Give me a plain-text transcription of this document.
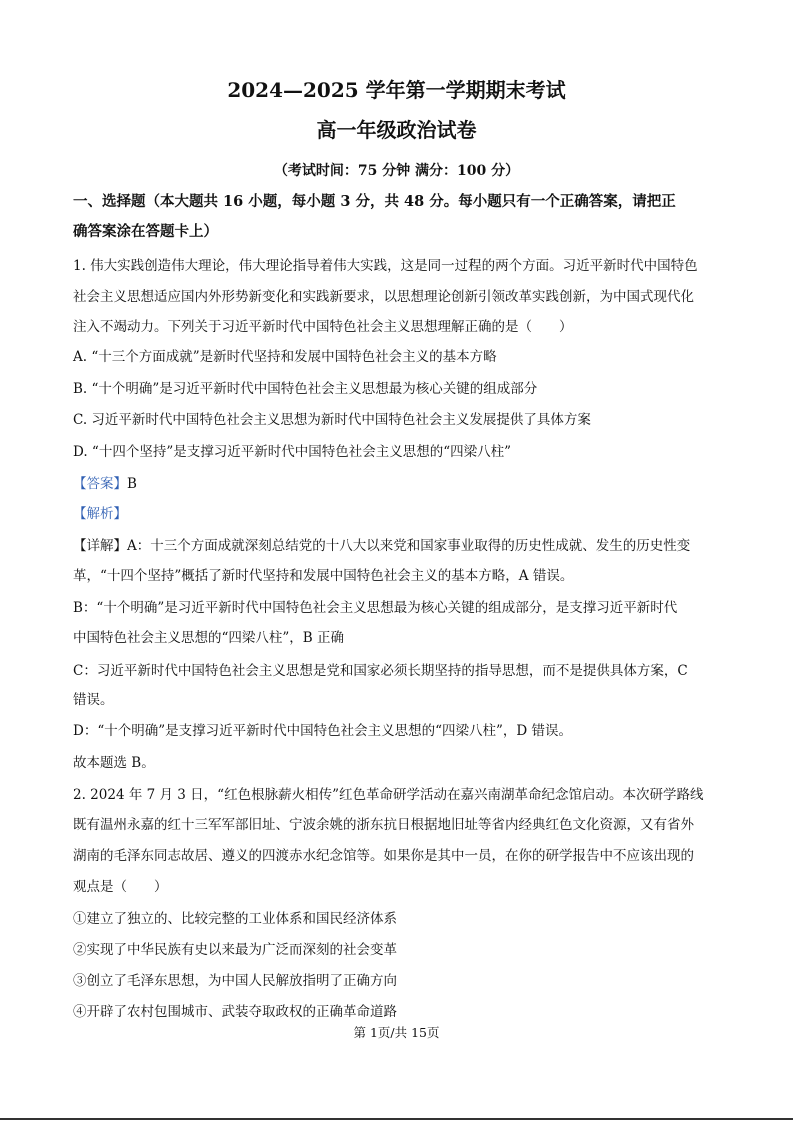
2024—2025 学年第一学期期末考试
高一年级政治试卷
（考试时间：75 分钟 满分：100 分）
一、选择题（本大题共 16 小题，每小题 3 分，共 48 分。每小题只有一个正确答案，请把正
确答案涂在答题卡上）
1. 伟大实践创造伟大理论，伟大理论指导着伟大实践，这是同一过程的两个方面。习近平新时代中国特色
社会主义思想适应国内外形势新变化和实践新要求，以思想理论创新引领改革实践创新，为中国式现代化
注入不竭动力。下列关于习近平新时代中国特色社会主义思想理解正确的是（　　）
A. “十三个方面成就”是新时代坚持和发展中国特色社会主义的基本方略
B. “十个明确”是习近平新时代中国特色社会主义思想最为核心关键的组成部分
C. 习近平新时代中国特色社会主义思想为新时代中国特色社会主义发展提供了具体方案
D. “十四个坚持”是支撑习近平新时代中国特色社会主义思想的“四梁八柱”
【答案】B
【解析】
【详解】A：十三个方面成就深刻总结党的十八大以来党和国家事业取得的历史性成就、发生的历史性变
革，“十四个坚持”概括了新时代坚持和发展中国特色社会主义的基本方略，A 错误。
B：“十个明确”是习近平新时代中国特色社会主义思想最为核心关键的组成部分，是支撑习近平新时代
中国特色社会主义思想的“四梁八柱”，B 正确
C：习近平新时代中国特色社会主义思想是党和国家必须长期坚持的指导思想，而不是提供具体方案，C
错误。
D：“十个明确”是支撑习近平新时代中国特色社会主义思想的“四梁八柱”，D 错误。
故本题选 B。
2. 2024 年 7 月 3 日，“红色根脉薪火相传”红色革命研学活动在嘉兴南湖革命纪念馆启动。本次研学路线
既有温州永嘉的红十三军军部旧址、宁波余姚的浙东抗日根据地旧址等省内经典红色文化资源，又有省外
湖南的毛泽东同志故居、遵义的四渡赤水纪念馆等。如果你是其中一员，在你的研学报告中不应该出现的
观点是（　　）
①建立了独立的、比较完整的工业体系和国民经济体系
②实现了中华民族有史以来最为广泛而深刻的社会变革
③创立了毛泽东思想，为中国人民解放指明了正确方向
④开辟了农村包围城市、武装夺取政权的正确革命道路
第 1页/共 15页
